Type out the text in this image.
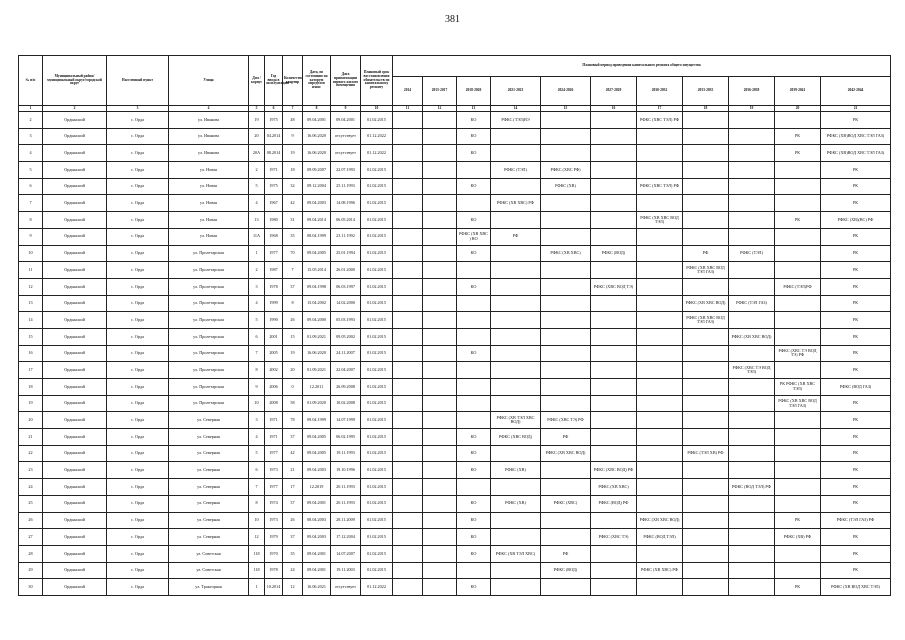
381
№ п/п	Муниципальный район/ муниципальный округ/городской округ	Населенный пункт	Улица	Дом / корпус	Год ввода в эксплуатацию	Количество квартир	Дата, по состоянию на которую определен износ	Дата приватизации первого жилого помещения	Плановый срок восстановления обязательств по капитальному ремонту	Плановый период проведения капитального ремонта общего имущества										
										2014	2015-2017	2018-2020	2021-2023	2024-2026	2027-2029	2030-2032	2033-2035	2036-2038	2039-2041	2042-2044
1	2	3	4	5	6	7	8	9	10	11	12	13	14	15	16	17	18	19	20	21
2	Ордынский	с. Орда	ул. Иванова	19	1975	48	09.04.2001	09.04.2001	01.02.2015			КО	РФКС (ТЭЛ)ВЭ			РФКС (ХВС ТЭЛ) РФ				РК
3	Ордынский	с. Орда	ул. Иванова	20	04.2014	9	16.06.2020	отсутствует	01.12.2022			КО							РК	РФКС (ХВ)ВОД ХВС ТЭЛ ГАЗ)
4	Ордынский	с. Орда	ул. Иванова	20А	08.2014	19	16.06.2020	отсутствует	01.12.2022			КО							РК	РФКС (ХВ)ВОД ХВС ТЭЛ ГАЗ)
5	Ордынский	с. Орда	ул. Новая	2	1971	18	09.09.2007	22.07.1993	01.02.2015				РФКС (ТЭЛ)	РФКС (ХВС РФ)						РК
6	Ордынский	с. Орда	ул. Новая	5	1975	32	09.12.2004	25.11.1993	01.02.2015			КО		РФКС (ХВ)		РФКС (ХВС ТЭЛ) РФ				РК
7	Ордынский	с. Орда	ул. Новая	4	1967	42	09.04.2003	14.08.1996	01.02.2015				РФКС (ХВ ХВС) РФ							РК
8	Ордынский	с. Орда	ул. Новая	13	1980	31	09.04.2014	06.05.2014	01.02.2015			КО				РФКС (ХВ ХВС ВОД ТЭЛ)			РК	РФКС (ХВ)(ВС) РФ
9	Ордынский	с. Орда	ул. Новая	11А	1968	35	08.04.1999	23.11.1992	01.02.2015			РФКС (ХВ ХВС ) ВО	РФ							РК
10	Ордынский	с. Орда	ул. Пролетарская	1	1977	70	09.04.2005	25.01.1994	01.02.2015			КО		РФКС (ХВ ХВС)	РФКС (ВОД)		РФ	РФКС (ТЭЛ)		РК
11	Ордынский	с. Орда	ул. Пролетарская	2	1987	7	15.05.2014	26.01.2000	01.02.2015								РФКС (ХВ ХВС ВОД ТЭЛ ГАЗ)			РК
12	Ордынский	с. Орда	ул. Пролетарская	3	1978	37	09.04.1998	06.03.1997	01.02.2015			КО			РФКС (ХВС ВОД ТЭ)				РФКС (ТЭЛ)РФ	РК
13	Ордынский	с. Орда	ул. Пролетарская	4	1999	8	15.04.2002	14.02.2000	01.02.2015								РФКС (ХВ ХВС ВОД)	РФКС (ТЭЛ ГАЗ)		РК
14	Ордынский	с. Орда	ул. Пролетарская	5	1990	26	09.04.2000	05.03.1993	01.02.2015								РФКС (ХВ ХВС ВОД ТЭЛ ГАЗ)			РК
15	Ордынский	с. Орда	ул. Пролетарская	6	2001	15	01.09.2021	09.05.2002	01.02.2015									РФКС (ХВ ХВС ВОД)		РК
16	Ордынский	с. Орда	ул. Пролетарская	7	2005	19	16.06.2020	24.11.2007	01.02.2015			КО							РФКС (ХВС ТЭ ВОД ТЭ) РФ	РК
17	Ордынский	с. Орда	ул. Пролетарская	8	2002	20	01.09.2021	22.04.2007	01.02.2015									РФКС (ХВС ТЭ ВОД ТЭЛ)		РК
18	Ордынский	с. Орда	ул. Пролетарская	9	2006	0	12.2011	26.09.2008	01.02.2015										РК РФКС (ХВ ХВС ТЭЛ)	РФКС (ВОД ГАЗ)
19	Ордынский	с. Орда	ул. Пролетарская	10	2008	58	01.09.2020	10.02.2008	01.02.2015										РФКС (ХВ ХВС ВОД ТЭЛ ГАЗ)	РК
20	Ордынский	с. Орда	ул. Северная	3	1971	78	09.04.1999	14.07.1999	01.02.2015				РФКС (ХВ ТЭЛ ХВС ВОД)	РФКС (ХВС ТЭ) РФ						РК
21	Ордынский	с. Орда	ул. Северная	4	1971	37	09.04.2005	06.02.1995	01.02.2015			КО	РФКС (ХВС ВОД)	РФ						РК
22	Ордынский	с. Орда	ул. Северная	5	1977	42	09.04.2005	19.11.1993	01.02.2015			КО		РФКС (ХВ ХВС ВОД)			РФКС (ТЭЛ ХВ) РФ			РК
23	Ордынский	с. Орда	ул. Северная	6	1973	21	09.04.2003	19.10.1996	01.02.2015			КО	РФКС (ХВ)		РФКС (ХВС ВОД) РФ					РК
24	Ордынский	с. Орда	ул. Северная	7	1977	17	12.2019	20.11.1993	01.02.2015						РФКС (ХВ ХВС)			РФКС (ВОД ТЭЛ) РФ		РК
25	Ордынский	с. Орда	ул. Северная	8	1974	37	09.04.2001	20.11.1993	01.02.2015			КО	РФКС (ХВ)	РФКС (ХВС)	РФКС (ВОД) РФ					РК
26	Ордынский	с. Орда	ул. Северная	10	1973	26	08.04.2003	28.11.2009	01.02.2015			КО				РФКС (ХВ ХВС ВОД)			РК	РФКС (ТЭЛ ГАЗ) РФ
27	Ордынский	с. Орда	ул. Северная	12	1979	37	09.04.2003	17.12.2004	01.02.2015			КО			РФКС (ХВС ТЭ)	РФКС (ВОД ТЭЛ)			РФКС (ХВ) РФ	РК
28	Ордынский	с. Орда	ул. Советская	118	1970	35	09.04.2001	14.07.2007	01.02.2015			КО	РФКС (ХВ ТЭЛ ХВС)	РФ						РК
29	Ордынский	с. Орда	ул. Советская	118	1978	24	09.04.2001	19.11.2003	01.02.2015					РФКС (ВОД)		РФКС (ХВ ХВС) РФ				РК
30	Ордынский	с. Орда	ул. Тракторная	1	10.2014	12	16.06.2021	отсутствует	01.12.2022			КО							РК	РФКС (ХВ ВОД ХВС ТЭЛ)
